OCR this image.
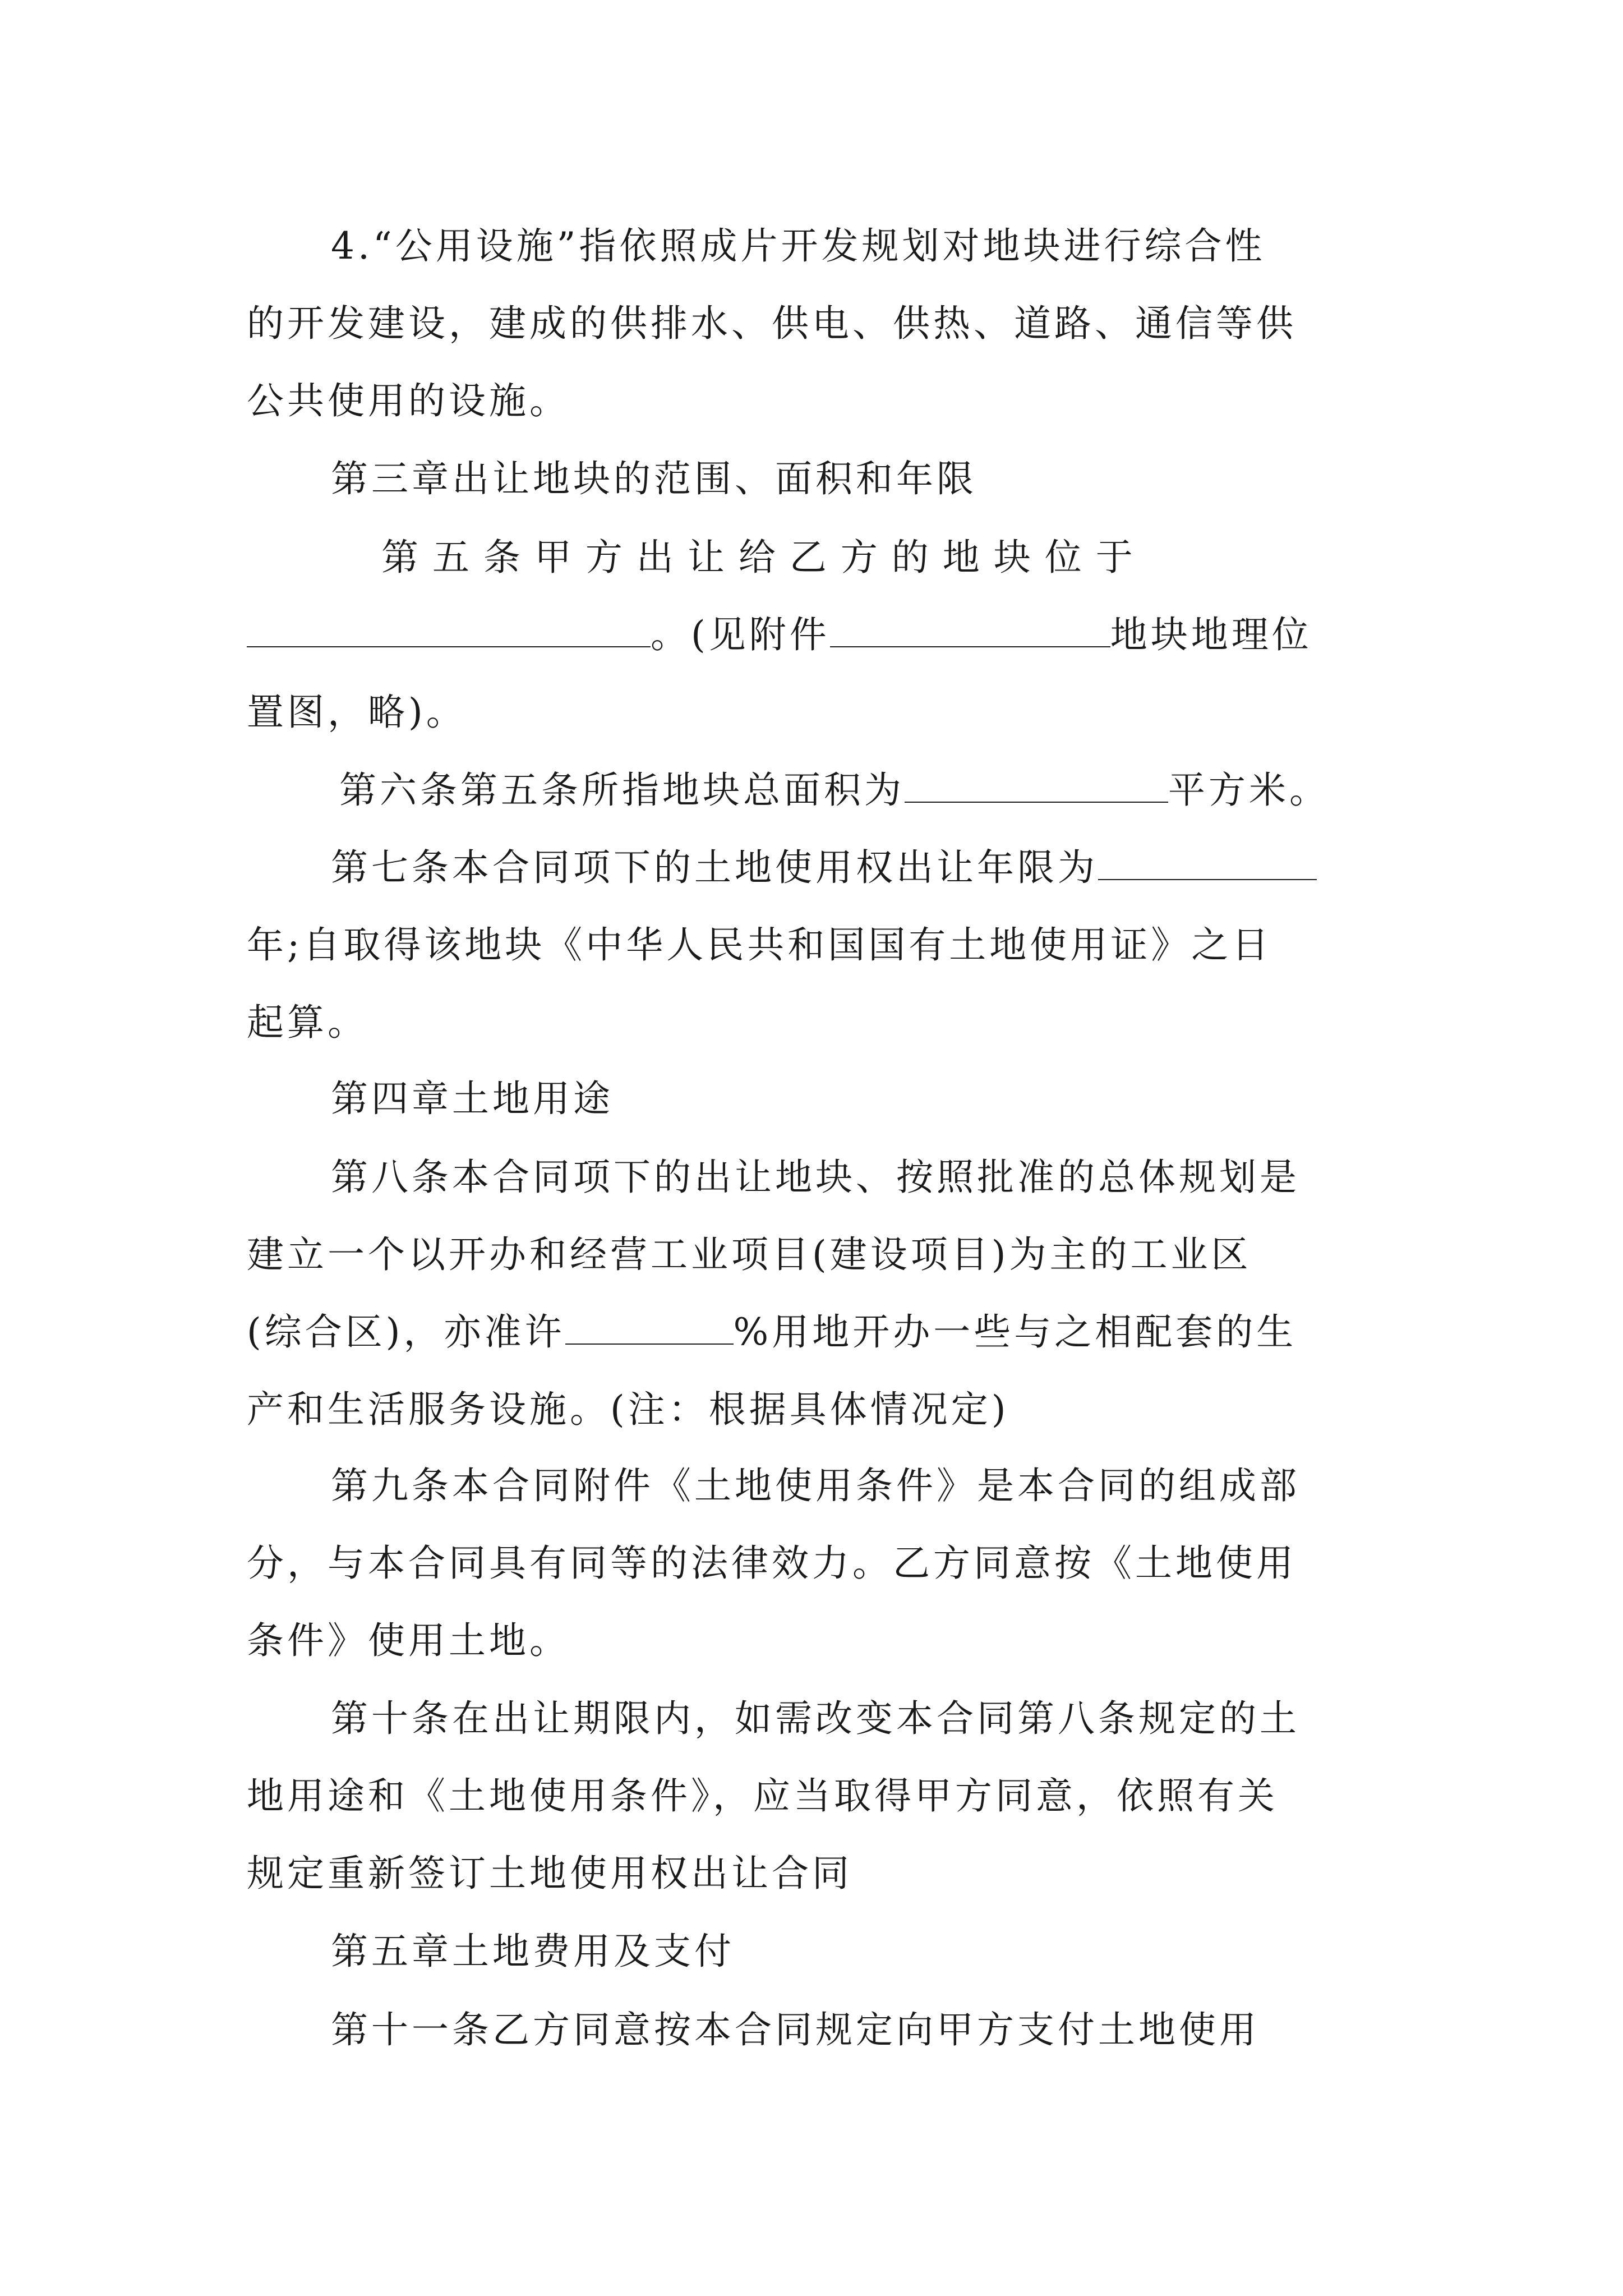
4.“公用设施”指依照成片开发规划对地块进行综合性
的开发建设，建成的供排水、供电、供热、道路、通信等供
公共使用的设施。
第三章出让地块的范围、面积和年限
第 五 条 甲 方 出 让 给 乙 方 的 地 块 位 于
。(见附件	地块地理位
置图，略)。
第六条第五条所指地块总面积为	平方米。
第七条本合同项下的土地使用权出让年限为
年;自取得该地块《中华人民共和国国有土地使用证》之日
起算。
第四章土地用途
第八条本合同项下的出让地块、按照批准的总体规划是
建立一个以开办和经营工业项目(建设项目)为主的工业区
(综合区)，亦准许	%用地开办一些与之相配套的生
产和生活服务设施。(注：根据具体情况定)
第九条本合同附件《土地使用条件》是本合同的组成部
分，与本合同具有同等的法律效力。乙方同意按《土地使用
条件》使用土地。
第十条在出让期限内，如需改变本合同第八条规定的土
地用途和《土地使用条件》，应当取得甲方同意，依照有关
规定重新签订土地使用权出让合同
第五章土地费用及支付
第十一条乙方同意按本合同规定向甲方支付土地使用
